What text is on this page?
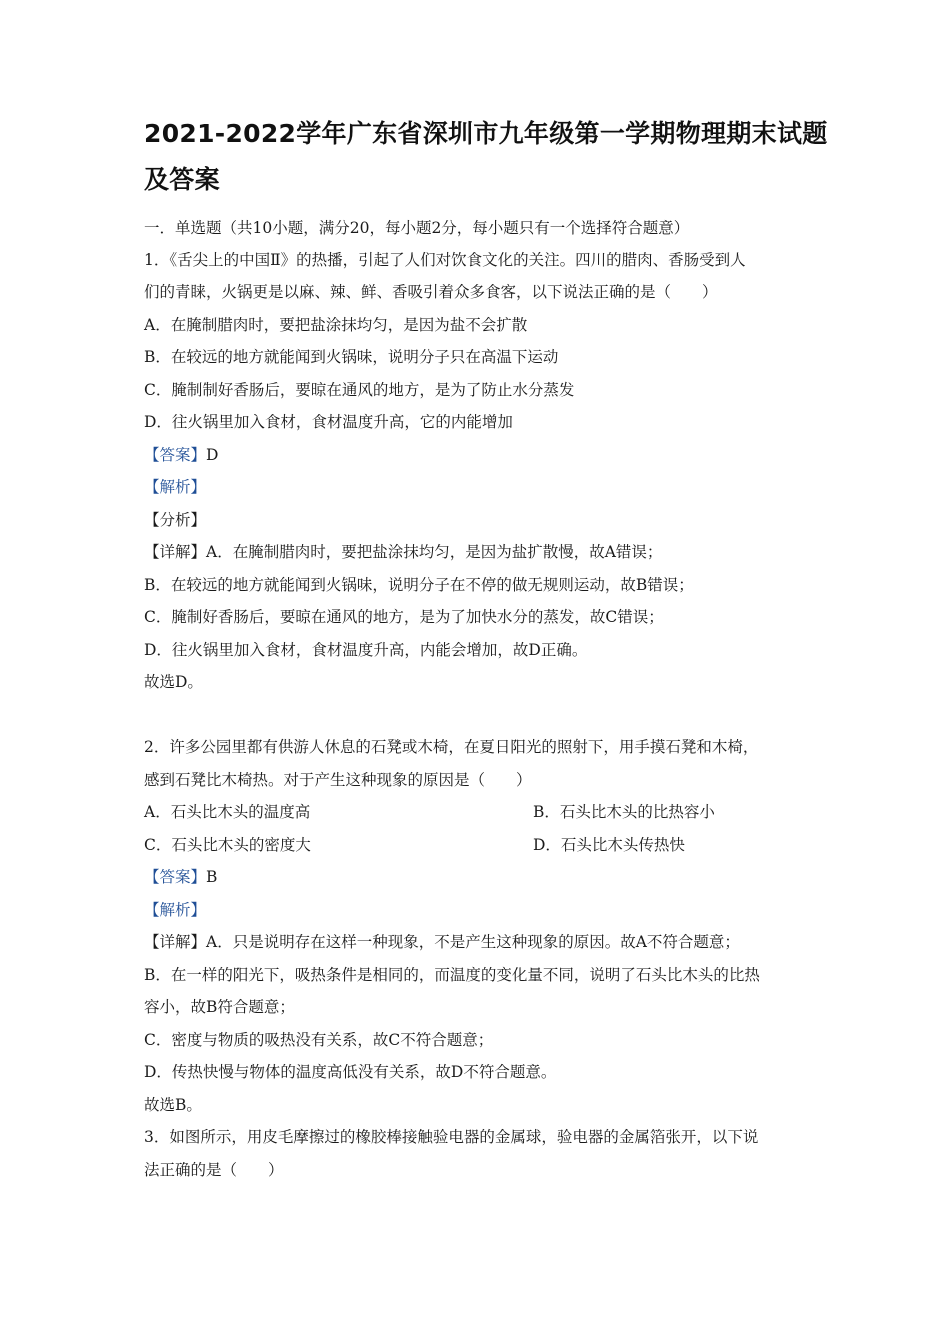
2021-2022学年广东省深圳市九年级第一学期物理期末试题
及答案
一．单选题（共10小题，满分20，每小题2分，每小题只有一个选择符合题意）
1．《舌尖上的中国Ⅱ》的热播，引起了人们对饮食文化的关注。四川的腊肉、香肠受到人
们的青睐，火锅更是以麻、辣、鲜、香吸引着众多食客，以下说法正确的是（　　）
A．在腌制腊肉时，要把盐涂抹均匀，是因为盐不会扩散
B．在较远的地方就能闻到火锅味，说明分子只在高温下运动
C．腌制制好香肠后，要晾在通风的地方，是为了防止水分蒸发
D．往火锅里加入食材，食材温度升高，它的内能增加
【答案】D
【解析】
【分析】
【详解】A．在腌制腊肉时，要把盐涂抹均匀，是因为盐扩散慢，故A错误；
B．在较远的地方就能闻到火锅味，说明分子在不停的做无规则运动，故B错误；
C．腌制好香肠后，要晾在通风的地方，是为了加快水分的蒸发，故C错误；
D．往火锅里加入食材，食材温度升高，内能会增加，故D正确。
故选D。
2．许多公园里都有供游人休息的石凳或木椅，在夏日阳光的照射下，用手摸石凳和木椅，
感到石凳比木椅热。对于产生这种现象的原因是（　　）
A．石头比木头的温度高	B．石头比木头的比热容小
C．石头比木头的密度大	D．石头比木头传热快
【答案】B
【解析】
【详解】A．只是说明存在这样一种现象，不是产生这种现象的原因。故A不符合题意；
B．在一样的阳光下，吸热条件是相同的，而温度的变化量不同，说明了石头比木头的比热
容小，故B符合题意；
C．密度与物质的吸热没有关系，故C不符合题意；
D．传热快慢与物体的温度高低没有关系，故D不符合题意。
故选B。
3．如图所示，用皮毛摩擦过的橡胶棒接触验电器的金属球，验电器的金属箔张开，以下说
法正确的是（　　）
